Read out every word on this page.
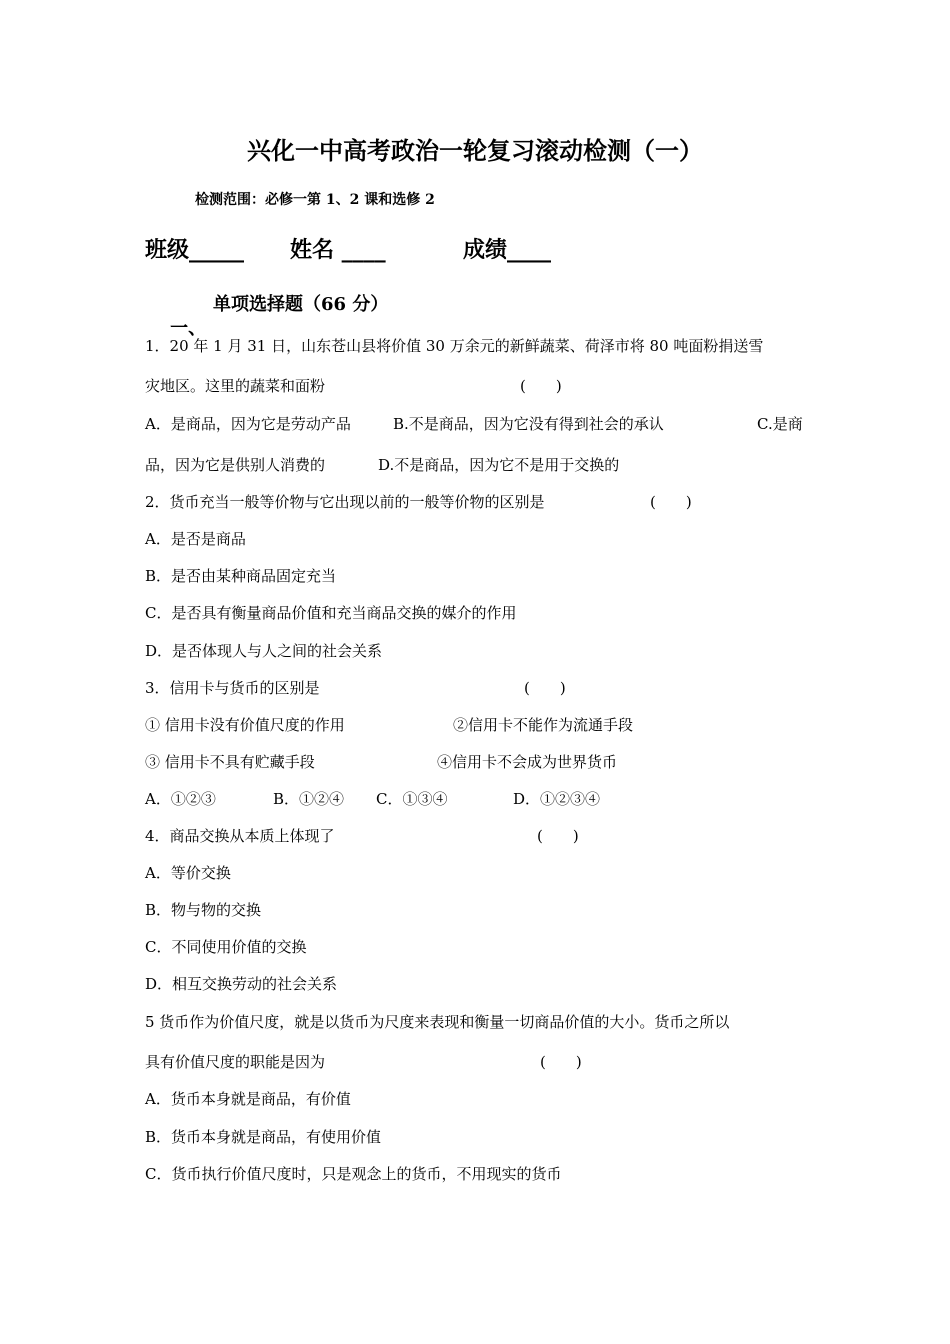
兴化一中高考政治一轮复习滚动检测（一）
检测范围：必修一第 1、2 课和选修 2
班级_____ 姓名 ____	成绩____

一、

单项选择题（66 分）

1．20 年 1 月 31 日，山东苍山县将价值 30 万余元的新鲜蔬菜、荷泽市将 80 吨面粉捐送雪
灾地区。这里的蔬菜和面粉	(　　)
A．是商品，因为它是劳动产品	B.不是商品，因为它没有得到社会的承认	C.是商
品，因为它是供别人消费的	D.不是商品，因为它不是用于交换的
2．货币充当一般等价物与它出现以前的一般等价物的区别是	(　　)
A．是否是商品
B．是否由某种商品固定充当
C．是否具有衡量商品价值和充当商品交换的媒介的作用
D．是否体现人与人之间的社会关系
3．信用卡与货币的区别是	(　　)
① 信用卡没有价值尺度的作用	②信用卡不能作为流通手段
③ 信用卡不具有贮藏手段	④信用卡不会成为世界货币
A．①②③	B．①②④ C．①③④	D．①②③④
4．商品交换从本质上体现了	(　　)
A．等价交换
B．物与物的交换
C．不同使用价值的交换
D．相互交换劳动的社会关系
5 货币作为价值尺度，就是以货币为尺度来表现和衡量一切商品价值的大小。货币之所以
具有价值尺度的职能是因为	(　　)
A．货币本身就是商品，有价值
B．货币本身就是商品，有使用价值
C．货币执行价值尺度时，只是观念上的货币，不用现实的货币
